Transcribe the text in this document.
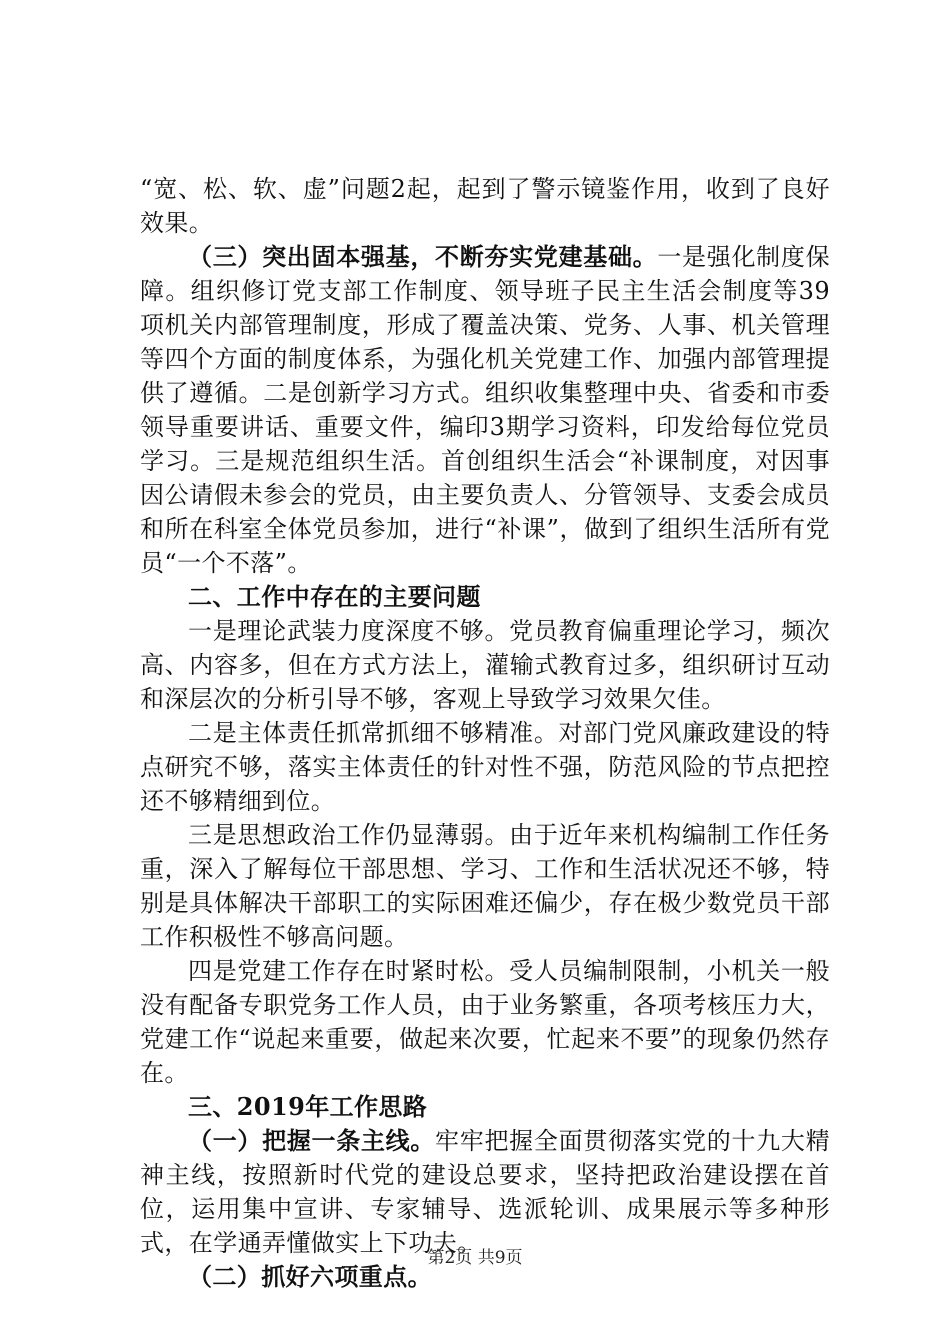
“宽、松、软、虚”问题2起，起到了警示镜鉴作用，收到了良好效果。

（三）突出固本强基，不断夯实党建基础。一是强化制度保障。组织修订党支部工作制度、领导班子民主生活会制度等39项机关内部管理制度，形成了覆盖决策、党务、人事、机关管理等四个方面的制度体系，为强化机关党建工作、加强内部管理提供了遵循。二是创新学习方式。组织收集整理中央、省委和市委领导重要讲话、重要文件，编印3期学习资料，印发给每位党员学习。三是规范组织生活。首创组织生活会“补课制度，对因事因公请假未参会的党员，由主要负责人、分管领导、支委会成员和所在科室全体党员参加，进行“补课”，做到了组织生活所有党员“一个不落”。

二、工作中存在的主要问题

一是理论武装力度深度不够。党员教育偏重理论学习，频次高、内容多，但在方式方法上，灌输式教育过多，组织研讨互动和深层次的分析引导不够，客观上导致学习效果欠佳。

二是主体责任抓常抓细不够精准。对部门党风廉政建设的特点研究不够，落实主体责任的针对性不强，防范风险的节点把控还不够精细到位。

三是思想政治工作仍显薄弱。由于近年来机构编制工作任务重，深入了解每位干部思想、学习、工作和生活状况还不够，特别是具体解决干部职工的实际困难还偏少，存在极少数党员干部工作积极性不够高问题。

四是党建工作存在时紧时松。受人员编制限制，小机关一般没有配备专职党务工作人员，由于业务繁重，各项考核压力大，党建工作“说起来重要，做起来次要，忙起来不要”的现象仍然存在。

三、2019年工作思路

（一）把握一条主线。牢牢把握全面贯彻落实党的十九大精神主线，按照新时代党的建设总要求，坚持把政治建设摆在首位，运用集中宣讲、专家辅导、选派轮训、成果展示等多种形式，在学通弄懂做实上下功夫。

（二）抓好六项重点。

第2页 共9页
